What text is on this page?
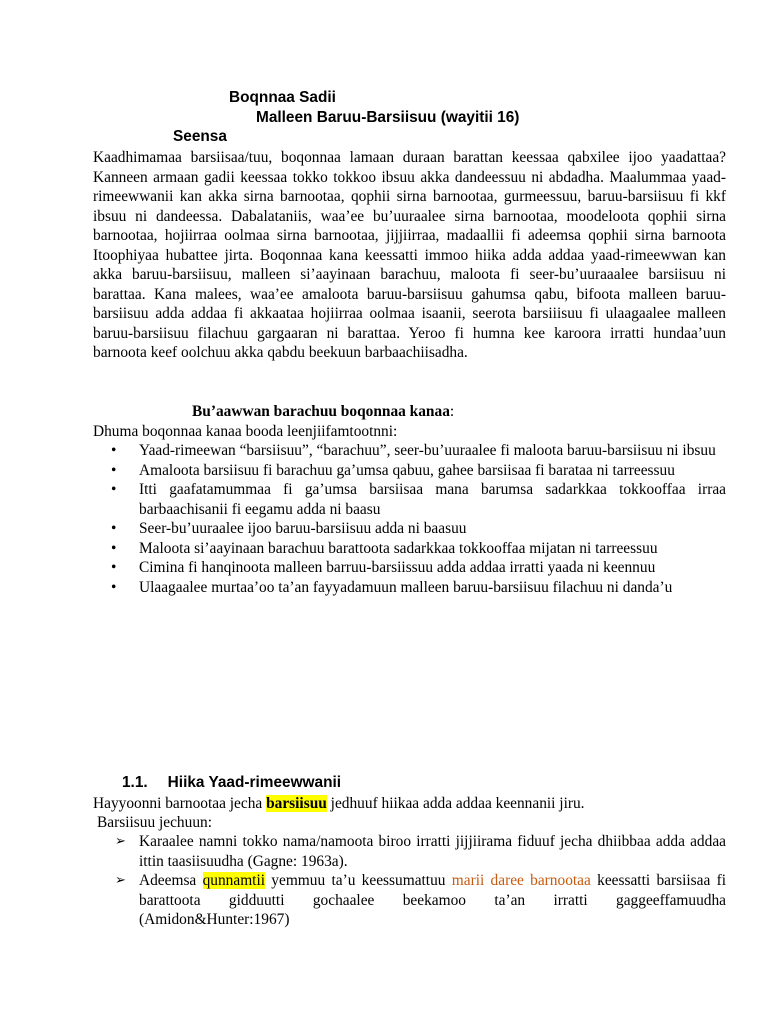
Boqnnaa Sadii
Malleen Baruu-Barsiisuu (wayitii 16)
Seensa
Kaadhimamaa barsiisaa/tuu, boqonnaa lamaan duraan barattan keessaa qabxilee ijoo yaadattaa? Kanneen armaan gadii keessaa tokko tokkoo ibsuu akka dandeessuu ni abdadha. Maalummaa yaad-rimeewwanii kan akka sirna barnootaa, qophii sirna barnootaa, gurmeessuu, baruu-barsiisuu fi kkf ibsuu ni dandeessa. Dabalataniis, waa’ee bu’uuraalee sirna barnootaa, moodeloota qophii sirna barnootaa, hojiirraa oolmaa sirna barnootaa, jijjiirraa, madaallii fi adeemsa qophii sirna barnoota Itoophiyaa hubattee jirta. Boqonnaa kana keessatti immoo hiika adda addaa yaad-rimeewwan kan akka baruu-barsiisuu, malleen si’aayinaan barachuu, maloota fi seer-bu’uuraaalee barsiisuu ni barattaa. Kana malees, waa’ee amaloota baruu-barsiisuu gahumsa qabu, bifoota malleen baruu-barsiisuu adda addaa fi akkaataa hojiirraa oolmaa isaanii, seerota barsiiisuu fi ulaagaalee malleen baruu-barsiisuu filachuu gargaaran ni barattaa. Yeroo fi humna kee karoora irratti hundaa’uun barnoota keef oolchuu akka qabdu beekuun barbaachiisadha.
Bu’aawwan barachuu boqonnaa kanaa:
Dhuma boqonnaa kanaa booda leenjiifamtootnni:
• Yaad-rimeewan “barsiisuu”, “barachuu”, seer-bu’uuraalee fi maloota baruu-barsiisuu ni ibsuu
• Amaloota barsiisuu fi barachuu ga’umsa qabuu, gahee barsiisaa fi barataa ni tarreessuu
• Itti gaafatamummaa fi ga’umsa barsiisaa mana barumsa sadarkkaa tokkooffaa irraa barbaachisanii fi eegamu adda ni baasu
• Seer-bu’uuraalee ijoo baruu-barsiisuu adda ni baasuu
• Maloota si’aayinaan barachuu barattoota sadarkkaa tokkooffaa mijatan ni tarreessuu
• Cimina fi hanqinoota malleen barruu-barsiissuu adda addaa irratti yaada ni keennuu
• Ulaagaalee murtaa’oo ta’an fayyadamuun malleen baruu-barsiisuu filachuu ni danda’u
1.1. Hiika Yaad-rimeewwanii
Hayyoonni barnootaa jecha barsiisuu jedhuuf hiikaa adda addaa keennanii jiru.
Barsiisuu jechuun:
➢ Karaalee namni tokko nama/namoota biroo irratti jijjiirama fiduuf jecha dhiibbaa adda addaa ittin taasiisuudha (Gagne: 1963a).
➢ Adeemsa qunnamtii yemmuu ta’u keessumattuu marii daree barnootaa keessatti barsiisaa fi barattoota gidduutti gochaalee beekamoo ta’an irratti gaggeeffamuudha (Amidon&Hunter:1967)
